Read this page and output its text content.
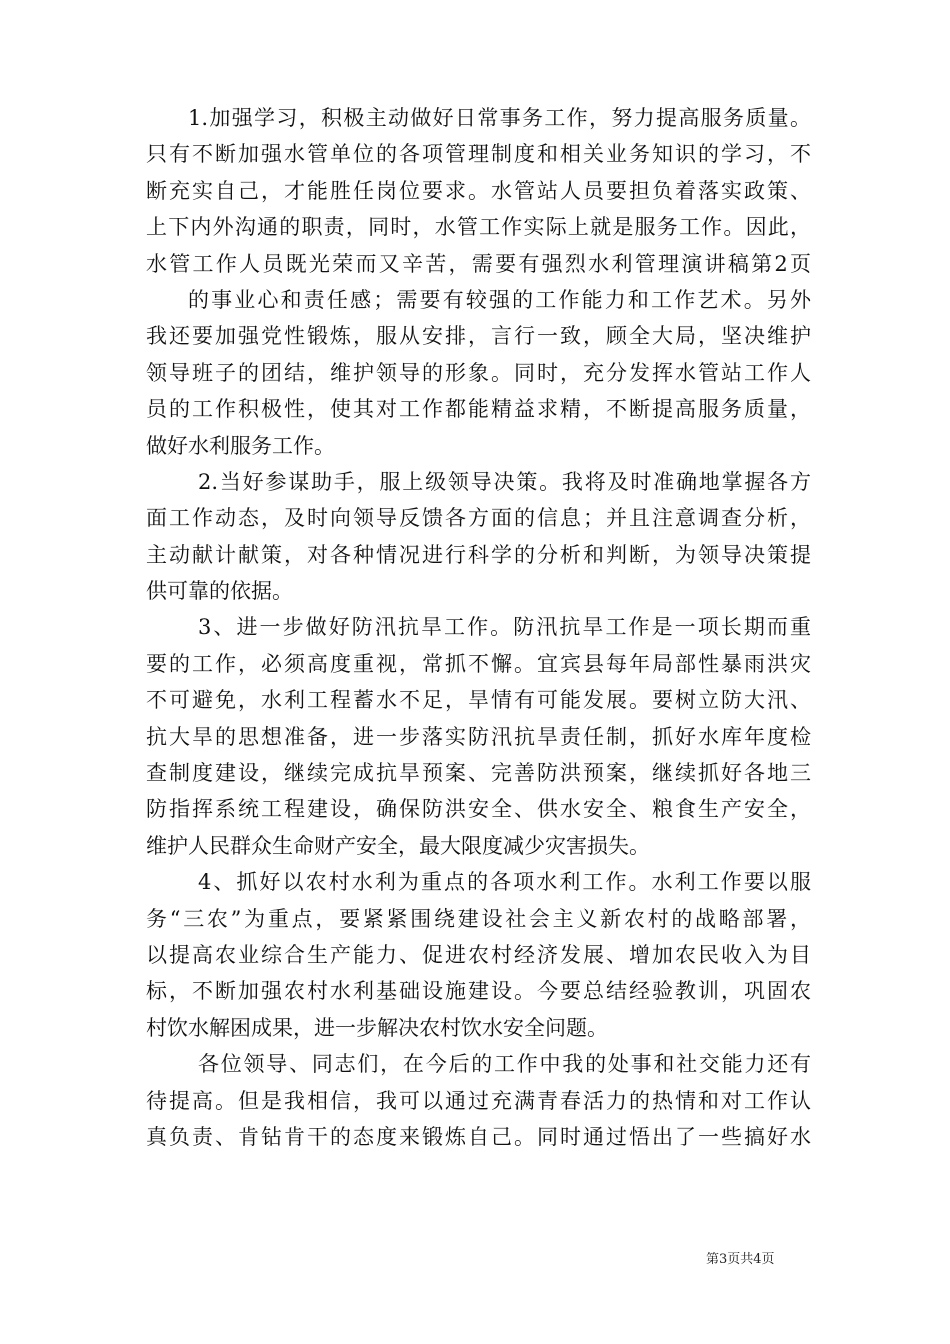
1.加强学习，积极主动做好日常事务工作，努力提高服务质量。
只有不断加强水管单位的各项管理制度和相关业务知识的学习，不
断充实自己，才能胜任岗位要求。水管站人员要担负着落实政策、
上下内外沟通的职责，同时，水管工作实际上就是服务工作。因此，
水管工作人员既光荣而又辛苦，需要有强烈水利管理演讲稿第2页
的事业心和责任感；需要有较强的工作能力和工作艺术。另外
我还要加强党性锻炼，服从安排，言行一致，顾全大局，坚决维护
领导班子的团结，维护领导的形象。同时，充分发挥水管站工作人
员的工作积极性，使其对工作都能精益求精，不断提高服务质量，
做好水利服务工作。
2.当好参谋助手，服上级领导决策。我将及时准确地掌握各方
面工作动态，及时向领导反馈各方面的信息；并且注意调查分析，
主动献计献策，对各种情况进行科学的分析和判断，为领导决策提
供可靠的依据。
3、进一步做好防汛抗旱工作。防汛抗旱工作是一项长期而重
要的工作，必须高度重视，常抓不懈。宜宾县每年局部性暴雨洪灾
不可避免，水利工程蓄水不足，旱情有可能发展。要树立防大汛、
抗大旱的思想准备，进一步落实防汛抗旱责任制，抓好水库年度检
查制度建设，继续完成抗旱预案、完善防洪预案，继续抓好各地三
防指挥系统工程建设，确保防洪安全、供水安全、粮食生产安全，
维护人民群众生命财产安全，最大限度减少灾害损失。
4、抓好以农村水利为重点的各项水利工作。水利工作要以服
务“三农”为重点，要紧紧围绕建设社会主义新农村的战略部署，
以提高农业综合生产能力、促进农村经济发展、增加农民收入为目
标，不断加强农村水利基础设施建设。今要总结经验教训，巩固农
村饮水解困成果，进一步解决农村饮水安全问题。
各位领导、同志们，在今后的工作中我的处事和社交能力还有
待提高。但是我相信，我可以通过充满青春活力的热情和对工作认
真负责、肯钻肯干的态度来锻炼自己。同时通过悟出了一些搞好水
第3页共4页
